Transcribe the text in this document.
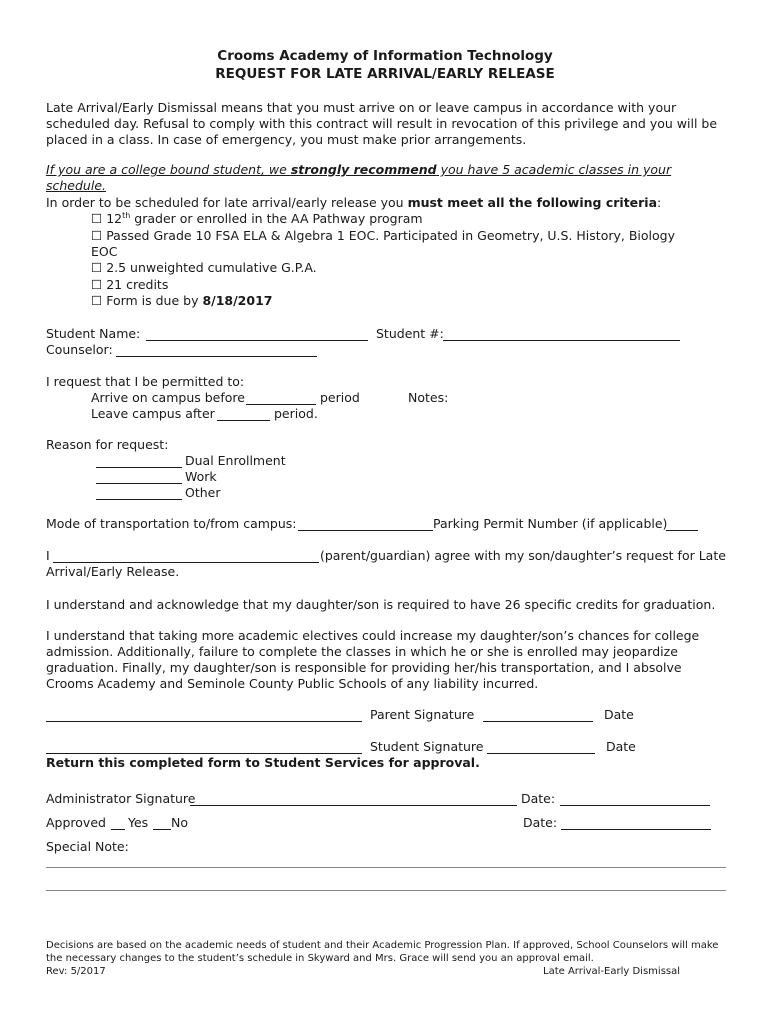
Crooms Academy of Information Technology
REQUEST FOR LATE ARRIVAL/EARLY RELEASE
Late Arrival/Early Dismissal means that you must arrive on or leave campus in accordance with your scheduled day. Refusal to comply with this contract will result in revocation of this privilege and you will be placed in a class. In case of emergency, you must make prior arrangements.
If you are a college bound student, we strongly recommend you have 5 academic classes in your schedule.
In order to be scheduled for late arrival/early release you must meet all the following criteria:
☐ 12th grader or enrolled in the AA Pathway program
☐ Passed Grade 10 FSA ELA & Algebra 1 EOC. Participated in Geometry, U.S. History, Biology
EOC
☐ 2.5 unweighted cumulative G.P.A.
☐ 21 credits
☐ Form is due by 8/18/2017
Student Name:	Student #:
Counselor:
I request that I be permitted to:
Arrive on campus before	period	Notes:
Leave campus after	period.
Reason for request:
Dual Enrollment
Work
Other
Mode of transportation to/from campus:	Parking Permit Number (if applicable)
I	(parent/guardian) agree with my son/daughter’s request for Late
Arrival/Early Release.
I understand and acknowledge that my daughter/son is required to have 26 specific credits for graduation.
I understand that taking more academic electives could increase my daughter/son’s chances for college admission. Additionally, failure to complete the classes in which he or she is enrolled may jeopardize graduation. Finally, my daughter/son is responsible for providing her/his transportation, and I absolve Crooms Academy and Seminole County Public Schools of any liability incurred.
Parent Signature	Date
Student Signature	Date
Return this completed form to Student Services for approval.
Administrator Signature	Date:
Approved Yes No	Date:
Special Note:
Decisions are based on the academic needs of student and their Academic Progression Plan. If approved, School Counselors will make the necessary changes to the student’s schedule in Skyward and Mrs. Grace will send you an approval email.
Rev: 5/2017	Late Arrival-Early Dismissal
